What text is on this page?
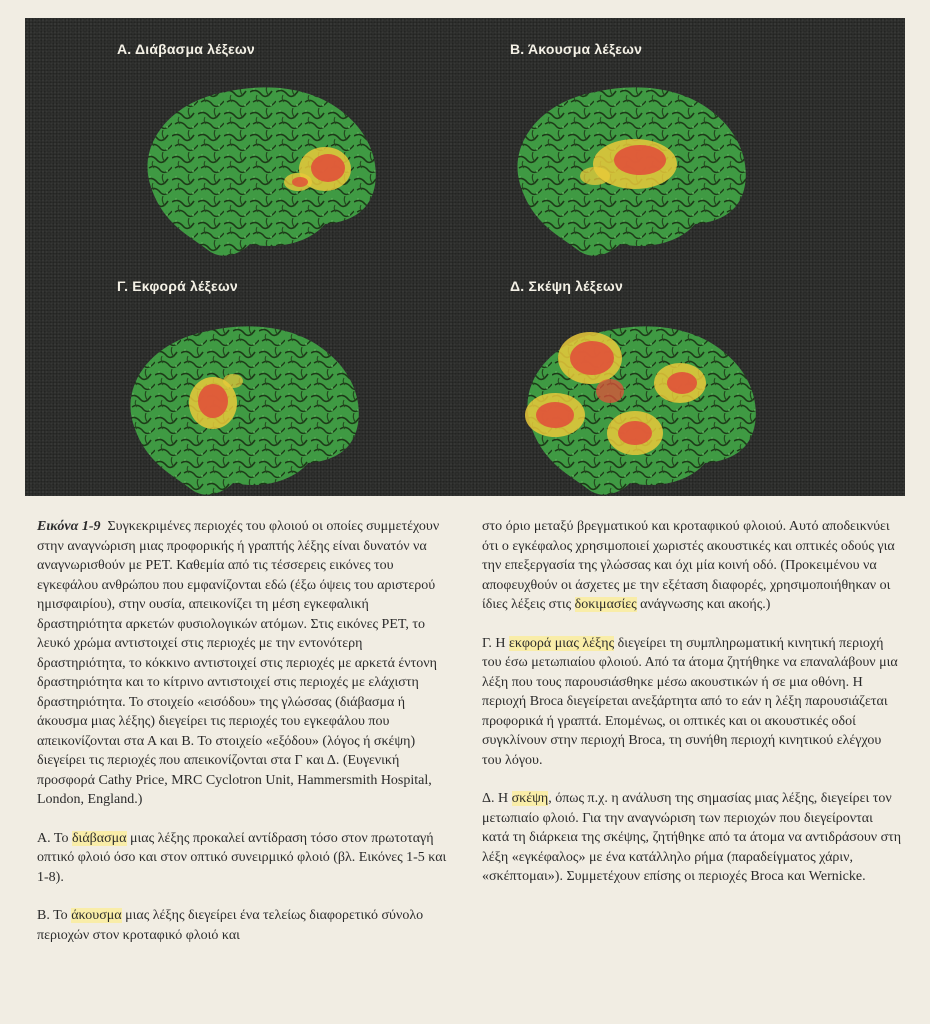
Α. Διάβασμα λέξεων	Β. Άκουσμα λέξεων
Γ. Εκφορά λέξεων	Δ. Σκέψη λέξεων

Εικόνα 1-9 Συγκεκριμένες περιοχές του φλοιού οι οποίες συμμετέχουν στην αναγνώριση μιας προφορικής ή γραπτής λέξης είναι δυνατόν να αναγνωρισθούν με PET. Καθεμία από τις τέσσερεις εικόνες του εγκεφάλου ανθρώπου που εμφανίζονται εδώ (έξω όψεις του αριστερού ημισφαιρίου), στην ουσία, απεικονίζει τη μέση εγκεφαλική δραστηριότητα αρκετών φυσιολογικών ατόμων. Στις εικόνες PET, το λευκό χρώμα αντιστοιχεί στις περιοχές με την εντονότερη δραστηριότητα, το κόκκινο αντιστοιχεί στις περιοχές με αρκετά έντονη δραστηριότητα και το κίτρινο αντιστοιχεί στις περιοχές με ελάχιστη δραστηριότητα. Το στοιχείο «εισόδου» της γλώσσας (διάβασμα ή άκουσμα μιας λέξης) διεγείρει τις περιοχές του εγκεφάλου που απεικονίζονται στα Α και Β. Το στοιχείο «εξόδου» (λόγος ή σκέψη) διεγείρει τις περιοχές που απεικονίζονται στα Γ και Δ. (Ευγενική προσφορά Cathy Price, MRC Cyclotron Unit, Hammersmith Hospital, London, England.)

Α. Το διάβασμα μιας λέξης προκαλεί αντίδραση τόσο στον πρωτοταγή οπτικό φλοιό όσο και στον οπτικό συνειρμικό φλοιό (βλ. Εικόνες 1-5 και 1-8).

Β. Το άκουσμα μιας λέξης διεγείρει ένα τελείως διαφορετικό σύνολο περιοχών στον κροταφικό φλοιό και

στο όριο μεταξύ βρεγματικού και κροταφικού φλοιού. Αυτό αποδεικνύει ότι ο εγκέφαλος χρησιμοποιεί χωριστές ακουστικές και οπτικές οδούς για την επεξεργασία της γλώσσας και όχι μία κοινή οδό. (Προκειμένου να αποφευχθούν οι άσχετες με την εξέταση διαφορές, χρησιμοποιήθηκαν οι ίδιες λέξεις στις δοκιμασίες ανάγνωσης και ακοής.)

Γ. Η εκφορά μιας λέξης διεγείρει τη συμπληρωματική κινητική περιοχή του έσω μετωπιαίου φλοιού. Από τα άτομα ζητήθηκε να επαναλάβουν μια λέξη που τους παρουσιάσθηκε μέσω ακουστικών ή σε μια οθόνη. Η περιοχή Broca διεγείρεται ανεξάρτητα από το εάν η λέξη παρουσιάζεται προφορικά ή γραπτά. Επομένως, οι οπτικές και οι ακουστικές οδοί συγκλίνουν στην περιοχή Broca, τη συνήθη περιοχή κινητικού ελέγχου του λόγου.

Δ. Η σκέψη, όπως π.χ. η ανάλυση της σημασίας μιας λέξης, διεγείρει τον μετωπιαίο φλοιό. Για την αναγνώριση των περιοχών που διεγείρονται κατά τη διάρκεια της σκέψης, ζητήθηκε από τα άτομα να αντιδράσουν στη λέξη «εγκέφαλος» με ένα κατάλληλο ρήμα (παραδείγματος χάριν, «σκέπτομαι»). Συμμετέχουν επίσης οι περιοχές Broca και Wernicke.
